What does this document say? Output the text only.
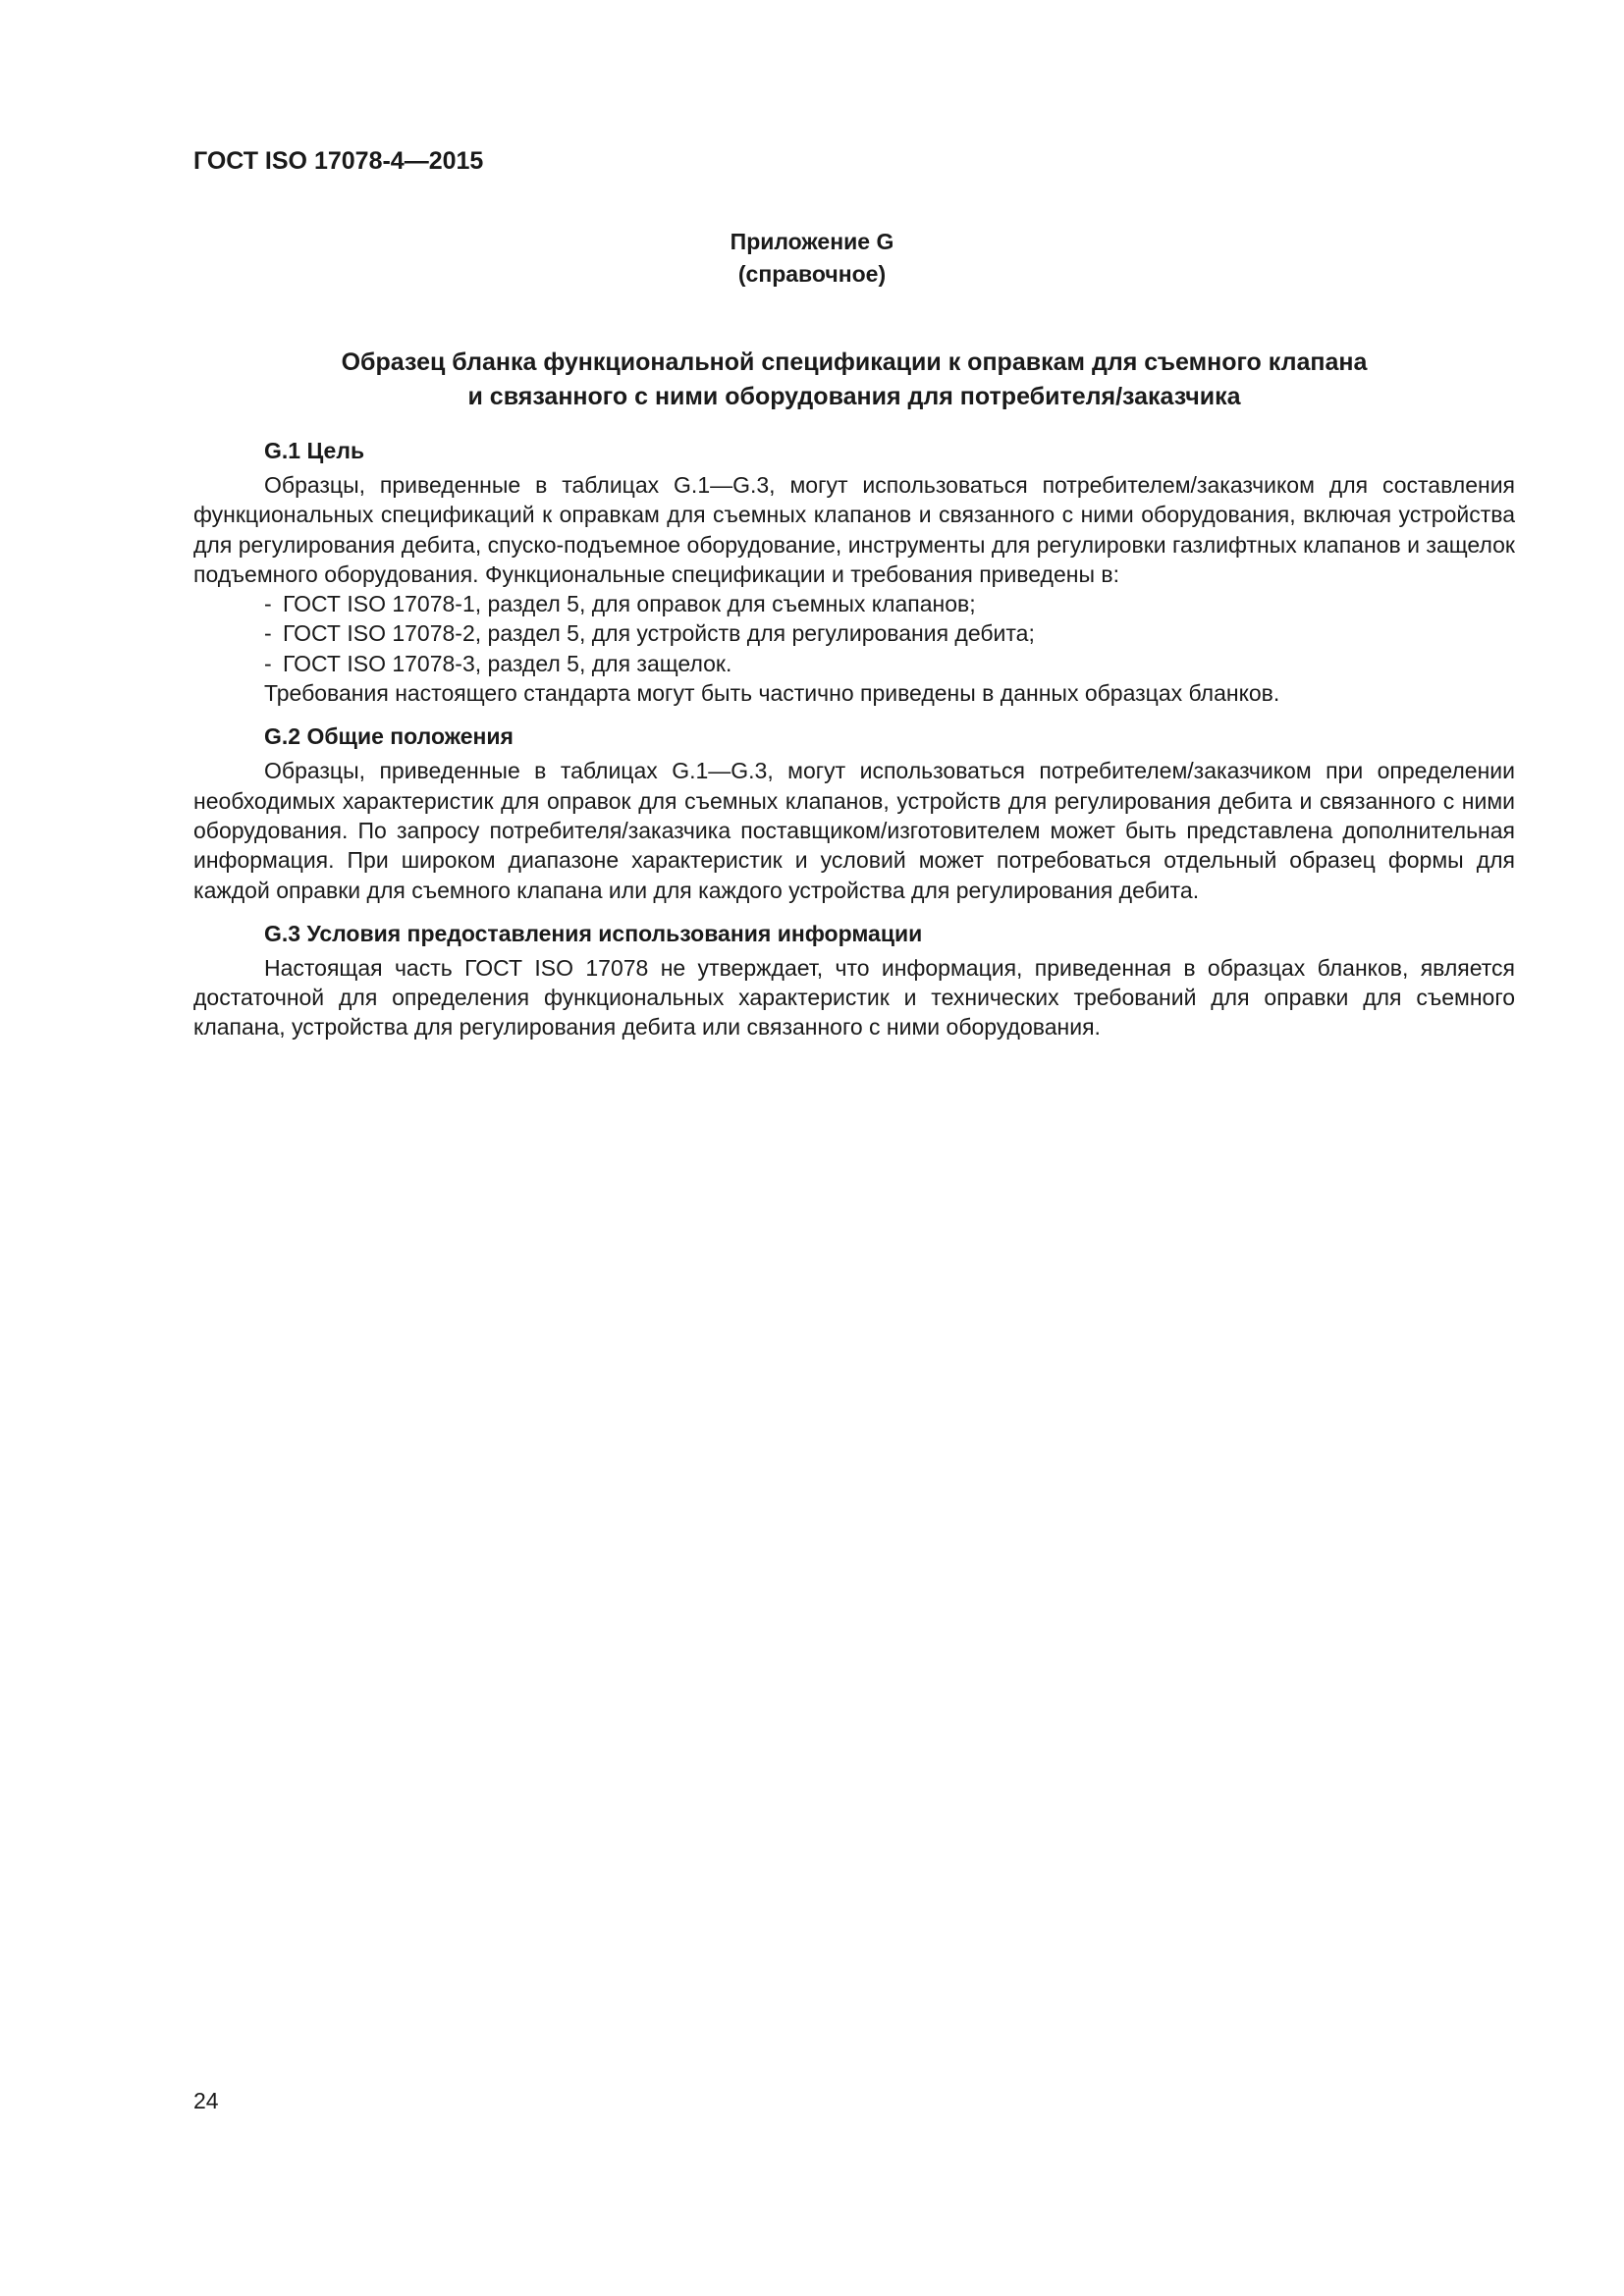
ГОСТ ISO 17078-4—2015

Приложение G
(справочное)
Образец бланка функциональной спецификации к оправкам для съемного клапана
и связанного с ними оборудования для потребителя/заказчика
G.1 Цель

Образцы, приведенные в таблицах G.1—G.3, могут использоваться потребителем/заказчиком для составления функциональных спецификаций к оправкам для съемных клапанов и связанного с ними оборудования, включая устройства для регулирования дебита, спуско-подъемное оборудование, инструменты для регулировки газлифтных клапанов и защелок подъемного оборудования. Функциональные спецификации и требования приведены в:

- ГОСТ ISO 17078-1, раздел 5, для оправок для съемных клапанов;
- ГОСТ ISO 17078-2, раздел 5, для устройств для регулирования дебита;
- ГОСТ ISO 17078-3, раздел 5, для защелок.

Требования настоящего стандарта могут быть частично приведены в данных образцах бланков.

G.2 Общие положения

Образцы, приведенные в таблицах G.1—G.3, могут использоваться потребителем/заказчиком при определении необходимых характеристик для оправок для съемных клапанов, устройств для регулирования дебита и связанного с ними оборудования. По запросу потребителя/заказчика поставщиком/изготовителем может быть представлена дополнительная информация. При широком диапазоне характеристик и условий может потребоваться отдельный образец формы для каждой оправки для съемного клапана или для каждого устройства для регулирования дебита.

G.3 Условия предоставления использования информации

Настоящая часть ГОСТ ISO 17078 не утверждает, что информация, приведенная в образцах бланков, является достаточной для определения функциональных характеристик и технических требований для оправки для съемного клапана, устройства для регулирования дебита или связанного с ними оборудования.

24
